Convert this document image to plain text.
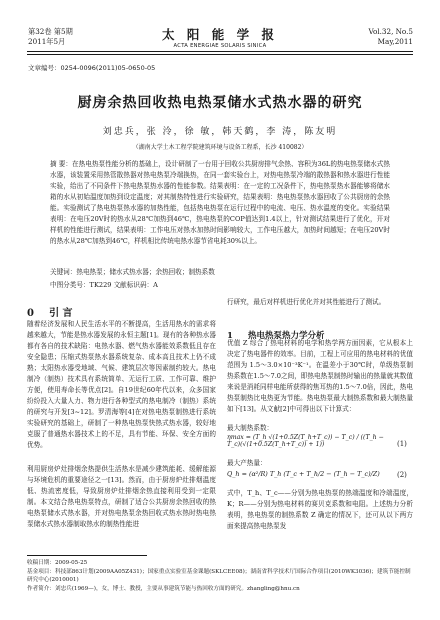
第32卷 第5期
2011年5月	太 阳 能 学 报
ACTA ENERGIAE SOLARIS SINICA
Vol.32, No.5
May,2011
文章编号：0254-0096(2011)05-0650-05
厨房余热回收热电热泵储水式热水器的研究
刘忠兵，张 泠，徐 敏，韩天鹤，李 涛，陈友明
（湖南大学土木工程学院建筑环境与设备工程系，长沙 410082）
摘 要：在热电热泵性能分析的基础上，设计研制了一台用于回收公共厨房排气余热、容积为36L的热电热泵储水式热水器，该装置采用热管散热器对热电热泵冷端换热，在同一套实验台上，对热电热泵冷端的散热器和热水器进行性能实验，给出了不同条件下热电热泵热水器的性能参数。结果表明：在一定的工况条件下，热电热泵热水器能够将储水箱的水从初始温度加热到设定温度；对其制热特性进行实验研究，结果表明：热电热泵热水器回收了公共厨房的余热能。实验测试了热电热泵热水器的加热性能，包括热电热泵在运行过程中的电流、电压、热水温度的变化。实验结果表明：在电压20V时的热水从28℃加热到46℃，热电热泵的COP值达到1.4以上，针对测试结果进行了优化，开对样机的性能进行测试，结果表明：工作电压对热水加热时间影响较大，工作电压越大，加热时间越短；在电压20V时的热水从28℃加热到46℃，样机相比传统电热水器节省电耗30%以上。
关键词：热电热泵；储水式热水器；余热回收；制热系数
中图分类号：TK229 文献标识码：A
0 引 言
随着经济发展和人民生活水平的不断提高，生活用热水的需求将越来越大，节能是热水器发展的永恒主题[1]。现有的各种热水器都有各自的技术缺陷：电热水器、燃气热水器能效系数低且存在安全隐患；压缩式热泵热水器系统复杂、成本高且技术上仍不成熟；太阳热水器受地域、气候、建筑层次等因素制约较大。热电制冷（制热）技术具有系统简单、无运行工质、工作可靠、维护方便，使用寿命长等优点[2]。自19世纪60年代以来，众多国家纷纷投入大量人力、物力进行各种型式的热电制冷（制热）系统的研究与开发[3~12]。罗清海等[4]在对热电热泵制热进行系统实验研究的基础上，研制了一种热电热泵快热式热水器，较好地克服了普通热水器技术上的不足，具有节能、环保、安全方面的优势。
利用厨房炉灶排烟余热提供生活热水是减少建筑能耗、缓解能源与环境危机的重要途径之一[13]。然而，由于厨房炉灶排烟温度低、热流密度低，导致厨房炉灶排烟余热直接利用受到一定限制。本文结合热电热泵特点，研制了适合公共厨房余热回收的热电热泵储水式热水器，并对热电热泵余热回收式热水热时热电热泵储水式热水器制取热水的制热性能进
行研究，最后对样机进行优化并对其性能进行了测试。
1 热电热泵热力学分析
优值 Z 综合了热电材料的电学和热学两方面因素，它从根本上决定了热电器件的效率。目前，工程上可应用的热电材料的优值范围为 1.5～3.0×10⁻³K⁻¹。在温差小于30℃时，单级热泵制热系数在1.5～7.0之间，即热电热泵制热时输出的热量就其数值来说是消耗同样电能所获得的焦耳热的1.5～7.0倍，因此，热电热泵制热比电热更为节能。热电热泵最大制热系数和最大制热量如下[13]。从文献[2]中可得出以下计算式：
最大制热系数：
ηmax = (T_h √(1+0.5Z(T_h+T_c)) − T_c) / ((T_h − T_c)(√(1+0.5Z(T_h+T_c)) + 1))	(1)
最大产热量：
Q_h = (α²/R) T_h (T_c + T_h/2 − (T_h − T_c)/Z)	(2)
式中，T_h、T_c——分别为热电热泵的热端温度和冷端温度，K；R——分别为热电材料的赛贝克系数和电阻。上述热力分析表明，热电热泵的制热系数 Z 确定的情况下，还可从以下两方面来提高热电热泵发
收稿日期：2009-05-25
基金项目：科技部863计划(2009AA05Z431)；国家重点实验室基金课题(SKLCEE08)；湖南省科学技术厅国际合作项目(2010WK3036)；建筑节能控制研究中心(2010001)
作者简介：刘忠兵(1969—)，女，博士、教授，主要从事建筑节能与热回收方面的研究。zhangling@hnu.cn
